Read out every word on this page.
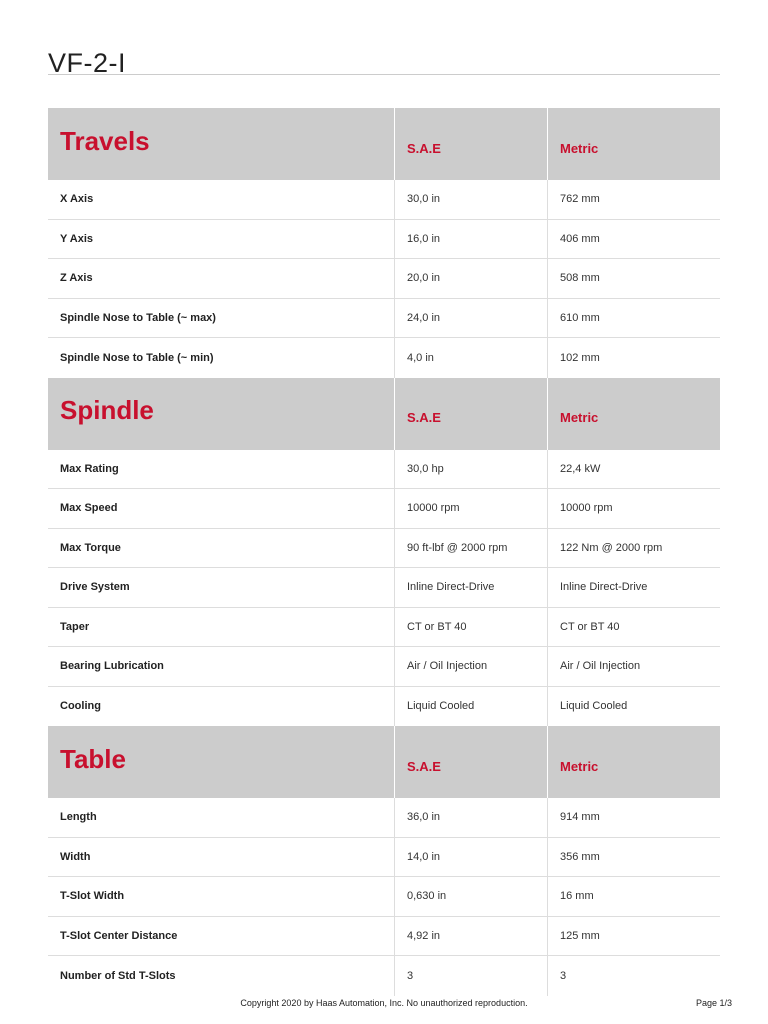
VF-2-I
Travels	S.A.E	Metric
X Axis	30,0 in	762 mm
Y Axis	16,0 in	406 mm
Z Axis	20,0 in	508 mm
Spindle Nose to Table (~ max)	24,0 in	610 mm
Spindle Nose to Table (~ min)	4,0 in	102 mm
Spindle	S.A.E	Metric
Max Rating	30,0 hp	22,4 kW
Max Speed	10000 rpm	10000 rpm
Max Torque	90 ft-lbf @ 2000 rpm	122 Nm @ 2000 rpm
Drive System	Inline Direct-Drive	Inline Direct-Drive
Taper	CT or BT 40	CT or BT 40
Bearing Lubrication	Air / Oil Injection	Air / Oil Injection
Cooling	Liquid Cooled	Liquid Cooled
Table	S.A.E	Metric
Length	36,0 in	914 mm
Width	14,0 in	356 mm
T-Slot Width	0,630 in	16 mm
T-Slot Center Distance	4,92 in	125 mm
Number of Std T-Slots	3	3
Copyright 2020 by Haas Automation, Inc. No unauthorized reproduction.	Page 1/3
